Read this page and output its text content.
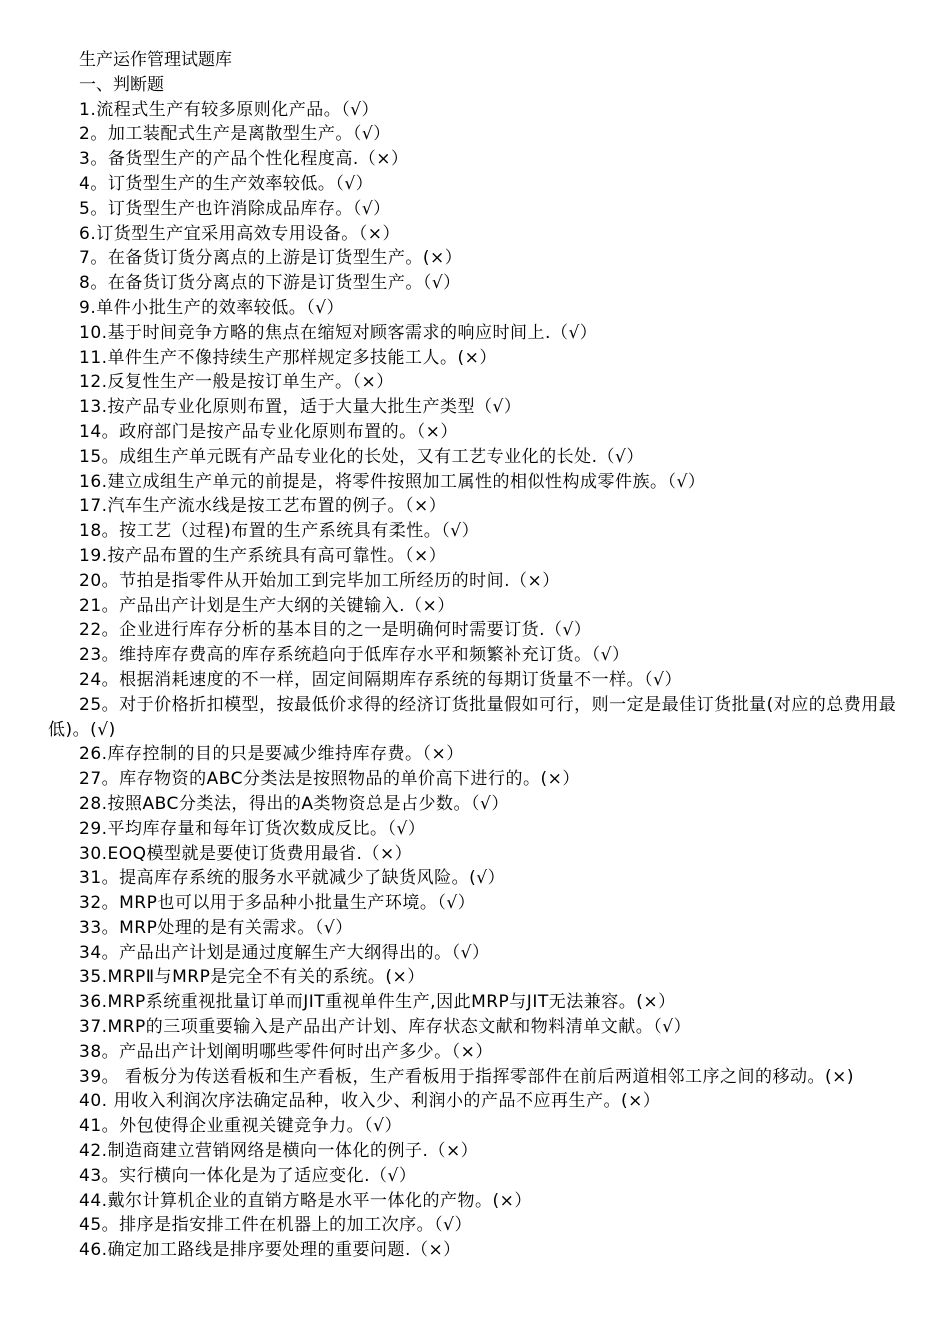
生产运作管理试题库
一、判断题
1.流程式生产有较多原则化产品。（√）
2。加工装配式生产是离散型生产。（√）
3。备货型生产的产品个性化程度高.（×）
4。订货型生产的生产效率较低。（√）
5。订货型生产也许消除成品库存。（√）
6.订货型生产宜采用高效专用设备。（×）
7。在备货订货分离点的上游是订货型生产。(×）
8。在备货订货分离点的下游是订货型生产。（√）
9.单件小批生产的效率较低。（√）
10.基于时间竞争方略的焦点在缩短对顾客需求的响应时间上.（√）
11.单件生产不像持续生产那样规定多技能工人。(×）
12.反复性生产一般是按订单生产。（×）
13.按产品专业化原则布置，适于大量大批生产类型（√）
14。政府部门是按产品专业化原则布置的。（×）
15。成组生产单元既有产品专业化的长处，又有工艺专业化的长处.（√）
16.建立成组生产单元的前提是，将零件按照加工属性的相似性构成零件族。（√）
17.汽车生产流水线是按工艺布置的例子。（×）
18。按工艺（过程)布置的生产系统具有柔性。（√）
19.按产品布置的生产系统具有高可靠性。（×）
20。节拍是指零件从开始加工到完毕加工所经历的时间.（×）
21。产品出产计划是生产大纲的关键输入.（×）
22。企业进行库存分析的基本目的之一是明确何时需要订货.（√）
23。维持库存费高的库存系统趋向于低库存水平和频繁补充订货。（√）
24。根据消耗速度的不一样，固定间隔期库存系统的每期订货量不一样。（√）
25。对于价格折扣模型，按最低价求得的经济订货批量假如可行，则一定是最佳订货批量(对应的总费用最低)。(√)
26.库存控制的目的只是要减少维持库存费。（×）
27。库存物资的ABC分类法是按照物品的单价高下进行的。(×）
28.按照ABC分类法，得出的A类物资总是占少数。（√）
29.平均库存量和每年订货次数成反比。（√）
30.EOQ模型就是要使订货费用最省.（×）
31。提高库存系统的服务水平就减少了缺货风险。(√）
32。MRP也可以用于多品种小批量生产环境。（√）
33。MRP处理的是有关需求。（√）
34。产品出产计划是通过度解生产大纲得出的。（√）
35.MRPⅡ与MRP是完全不有关的系统。(×）
36.MRP系统重视批量订单而JIT重视单件生产,因此MRP与JIT无法兼容。(×）
37.MRP的三项重要输入是产品出产计划、库存状态文献和物料清单文献。（√）
38。产品出产计划阐明哪些零件何时出产多少。（×）
39。 看板分为传送看板和生产看板，生产看板用于指挥零部件在前后两道相邻工序之间的移动。(×)
40. 用收入利润次序法确定品种，收入少、利润小的产品不应再生产。(×）
41。外包使得企业重视关键竞争力。（√）
42.制造商建立营销网络是横向一体化的例子.（×）
43。实行横向一体化是为了适应变化.（√）
44.戴尔计算机企业的直销方略是水平一体化的产物。(×）
45。排序是指安排工件在机器上的加工次序。（√）
46.确定加工路线是排序要处理的重要问题.（×）
